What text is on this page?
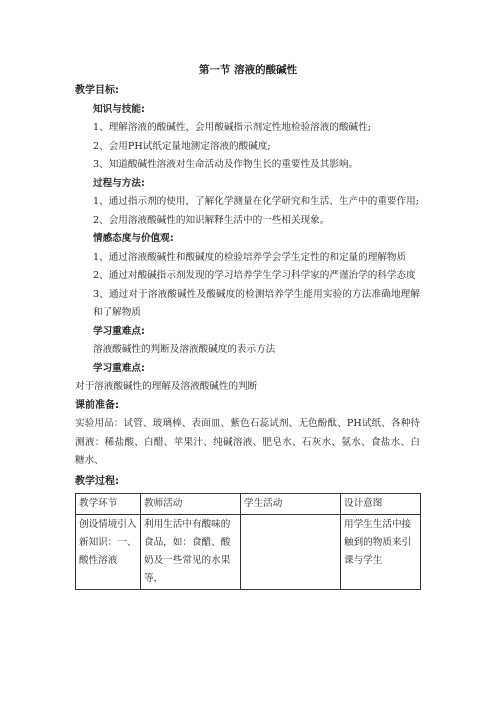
第一节 溶液的酸碱性
教学目标:
知识与技能:
1、理解溶液的酸碱性，会用酸碱指示剂定性地检验溶液的酸碱性;
2、会用PH试纸定量地测定溶液的酸碱度;
3、知道酸碱性溶液对生命活动及作物生长的重要性及其影响。
过程与方法:
1、通过指示剂的使用，了解化学测量在化学研究和生活、生产中的重要作用;
2、会用溶液酸碱性的知识解释生活中的一些相关现象。
情感态度与价值观:
1、通过溶液酸碱性和酸碱度的检验培养学会学生定性的和定量的理解物质
2、通过对酸碱指示剂发现的学习培养学生学习科学家的严谨治学的科学态度
3、通过对于溶液酸碱性及酸碱度的检测培养学生能用实验的方法准确地理解和了解物质
学习重难点:
溶液酸碱性的判断及溶液酸碱度的表示方法
学习重难点:
对于溶液酸碱性的理解及溶液酸碱性的判断
课前准备:
实验用品：试管、玻璃棒、表面皿、紫色石蕊试剂、无色酚酞、PH试纸、各种待测液：稀盐酸、白醋、苹果汁、纯碱溶液、肥皂水、石灰水、氨水、食盐水、白糖水、
教学过程:
教学环节	教师活动	学生活动	设计意图
创设情境引入新知识：一、酸性溶液	利用生活中有酸味的食品，如：食醋、酸奶及一些常见的水果等，		用学生生活中接触到的物质来引课与学生
